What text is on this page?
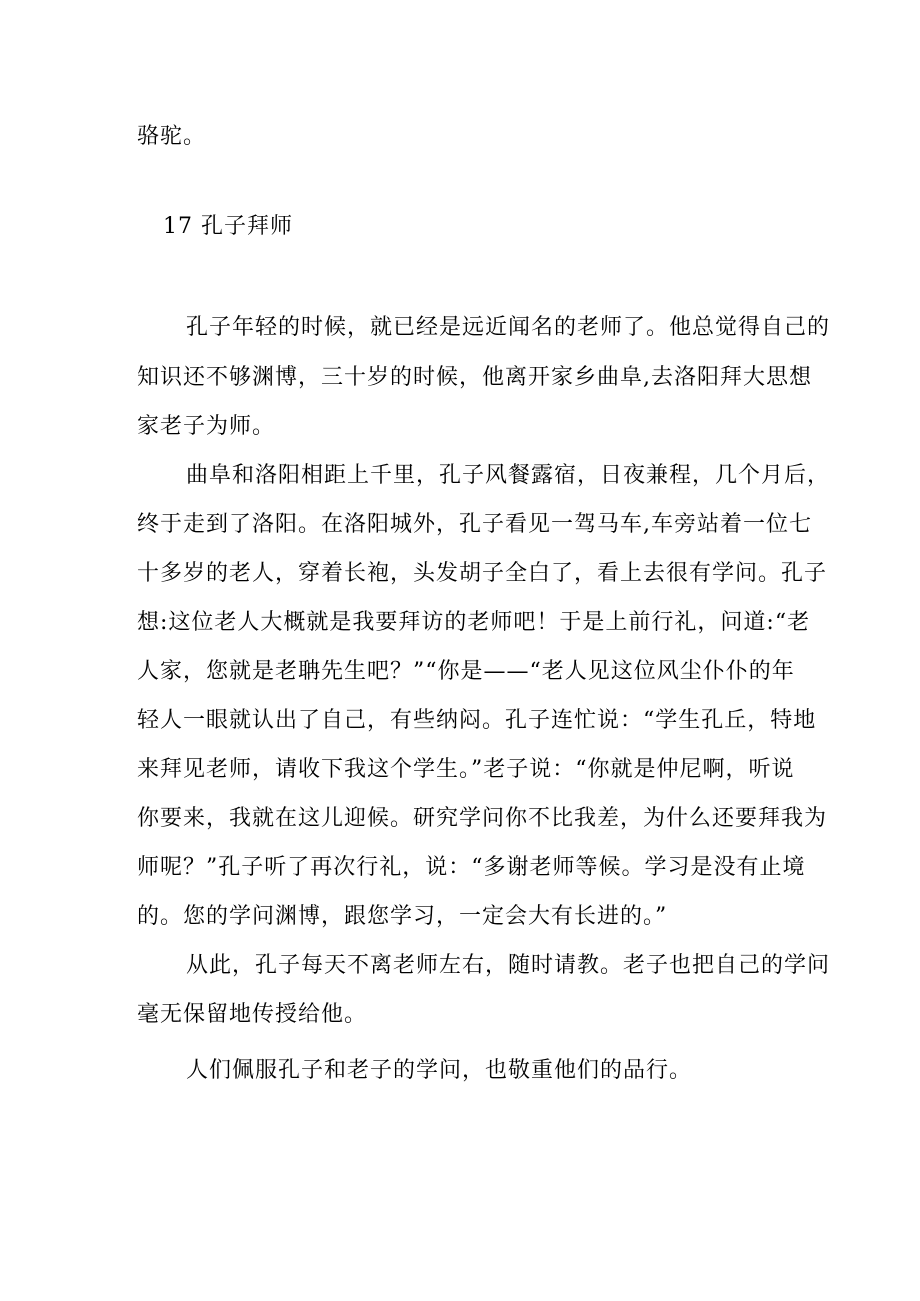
骆驼。
17 孔子拜师
孔子年轻的时候，就已经是远近闻名的老师了。他总觉得自己的
知识还不够渊博，三十岁的时候，他离开家乡曲阜,去洛阳拜大思想
家老子为师。
曲阜和洛阳相距上千里，孔子风餐露宿，日夜兼程，几个月后，
终于走到了洛阳。在洛阳城外，孔子看见一驾马车,车旁站着一位七
十多岁的老人，穿着长袍，头发胡子全白了，看上去很有学问。孔子
想:这位老人大概就是我要拜访的老师吧！于是上前行礼，问道:“老
人家，您就是老聃先生吧？”“你是——“老人见这位风尘仆仆的年
轻人一眼就认出了自己，有些纳闷。孔子连忙说：“学生孔丘，特地
来拜见老师，请收下我这个学生。”老子说：“你就是仲尼啊，听说
你要来，我就在这儿迎候。研究学问你不比我差，为什么还要拜我为
师呢？”孔子听了再次行礼，说：“多谢老师等候。学习是没有止境
的。您的学问渊博，跟您学习，一定会大有长进的。”
从此，孔子每天不离老师左右，随时请教。老子也把自己的学问
毫无保留地传授给他。
人们佩服孔子和老子的学问，也敬重他们的品行。
